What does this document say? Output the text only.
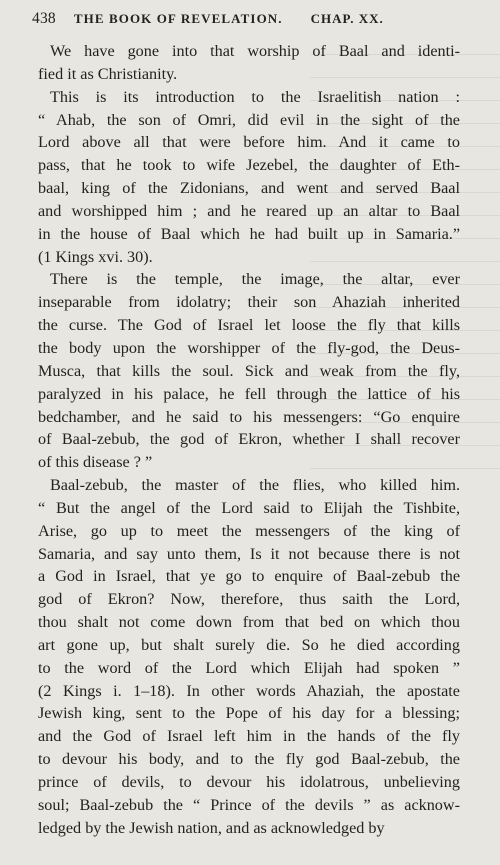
438 THE BOOK OF REVELATION. CHAP. XX.
We have gone into that worship of Baal and identi-
fied it as Christianity.
This is its introduction to the Israelitish nation :
“ Ahab, the son of Omri, did evil in the sight of the
Lord above all that were before him. And it came to
pass, that he took to wife Jezebel, the daughter of Eth-
baal, king of the Zidonians, and went and served Baal
and worshipped him ; and he reared up an altar to Baal
in the house of Baal which he had built up in Samaria.”
(1 Kings xvi. 30).
There is the temple, the image, the altar, ever
inseparable from idolatry; their son Ahaziah inherited
the curse. The God of Israel let loose the fly that kills
the body upon the worshipper of the fly-god, the Deus-
Musca, that kills the soul. Sick and weak from the fly,
paralyzed in his palace, he fell through the lattice of his
bedchamber, and he said to his messengers: “Go enquire
of Baal-zebub, the god of Ekron, whether I shall recover
of this disease ? ”
Baal-zebub, the master of the flies, who killed him.
“ But the angel of the Lord said to Elijah the Tishbite,
Arise, go up to meet the messengers of the king of
Samaria, and say unto them, Is it not because there is not
a God in Israel, that ye go to enquire of Baal-zebub the
god of Ekron? Now, therefore, thus saith the Lord,
thou shalt not come down from that bed on which thou
art gone up, but shalt surely die. So he died according
to the word of the Lord which Elijah had spoken ”
(2 Kings i. 1–18). In other words Ahaziah, the apostate
Jewish king, sent to the Pope of his day for a blessing;
and the God of Israel left him in the hands of the fly
to devour his body, and to the fly god Baal-zebub, the
prince of devils, to devour his idolatrous, unbelieving
soul; Baal-zebub the “ Prince of the devils ” as acknow-
ledged by the Jewish nation, and as acknowledged by
